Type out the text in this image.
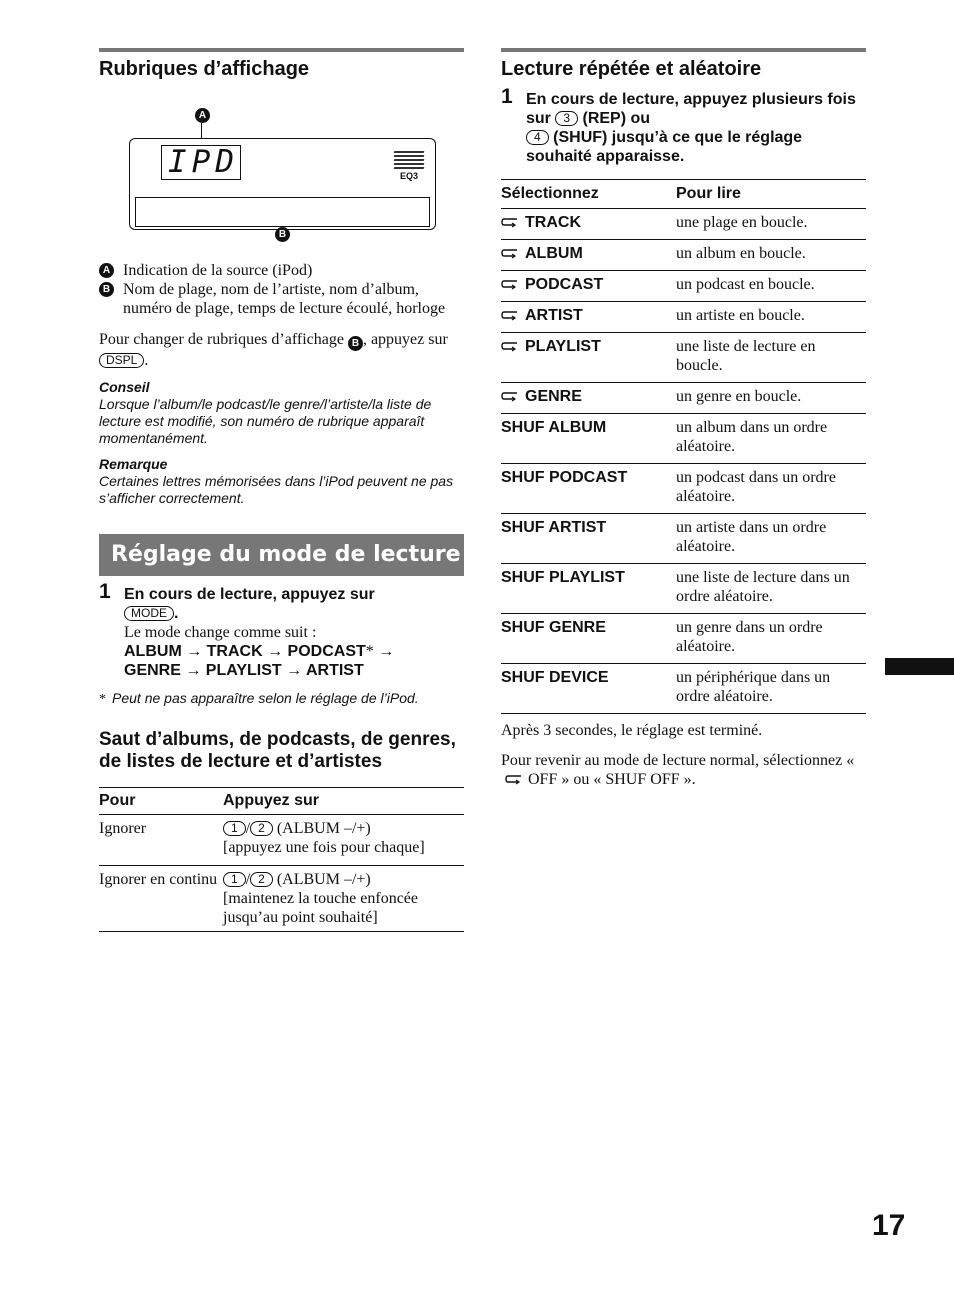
Rubriques d’affichage
A
IPD	EQ3
B
A Indication de la source (iPod)
B Nom de plage, nom de l’artiste, nom d’album, numéro de plage, temps de lecture écoulé, horloge

Pour changer de rubriques d’affichage B , appuyez sur DSPL .

Conseil
Lorsque l’album/le podcast/le genre/l’artiste/la liste de lecture est modifié, son numéro de rubrique apparaît momentanément.
Remarque
Certaines lettres mémorisées dans l’iPod peuvent ne pas s’afficher correctement.
Réglage du mode de lecture
1 En cours de lecture, appuyez sur
MODE .
Le mode change comme suit :
ALBUM → TRACK → PODCAST* →
GENRE → PLAYLIST → ARTIST
* Peut ne pas apparaître selon le réglage de l’iPod.
Saut d’albums, de podcasts, de genres, de listes de lecture et d’artistes
Pour	Appuyez sur
Ignorer	1 / 2 (ALBUM –/+)
[appuyez une fois pour chaque]
Ignorer en continu	1 / 2 (ALBUM –/+)
[maintenez la touche enfoncée jusqu’au point souhaité]
Lecture répétée et aléatoire
1 En cours de lecture, appuyez plusieurs fois sur 3 (REP) ou
4 (SHUF) jusqu’à ce que le réglage souhaité apparaisse.
Sélectionnez	Pour lire
TRACK	une plage en boucle.
ALBUM	un album en boucle.
PODCAST	un podcast en boucle.
ARTIST	un artiste en boucle.
PLAYLIST	une liste de lecture en boucle.
GENRE	un genre en boucle.
SHUF ALBUM	un album dans un ordre aléatoire.
SHUF PODCAST	un podcast dans un ordre aléatoire.
SHUF ARTIST	un artiste dans un ordre aléatoire.
SHUF PLAYLIST	une liste de lecture dans un ordre aléatoire.
SHUF GENRE	un genre dans un ordre aléatoire.
SHUF DEVICE	un périphérique dans un ordre aléatoire.

Après 3 secondes, le réglage est terminé.

Pour revenir au mode de lecture normal, sélectionnez «  OFF » ou « SHUF OFF ».

17
